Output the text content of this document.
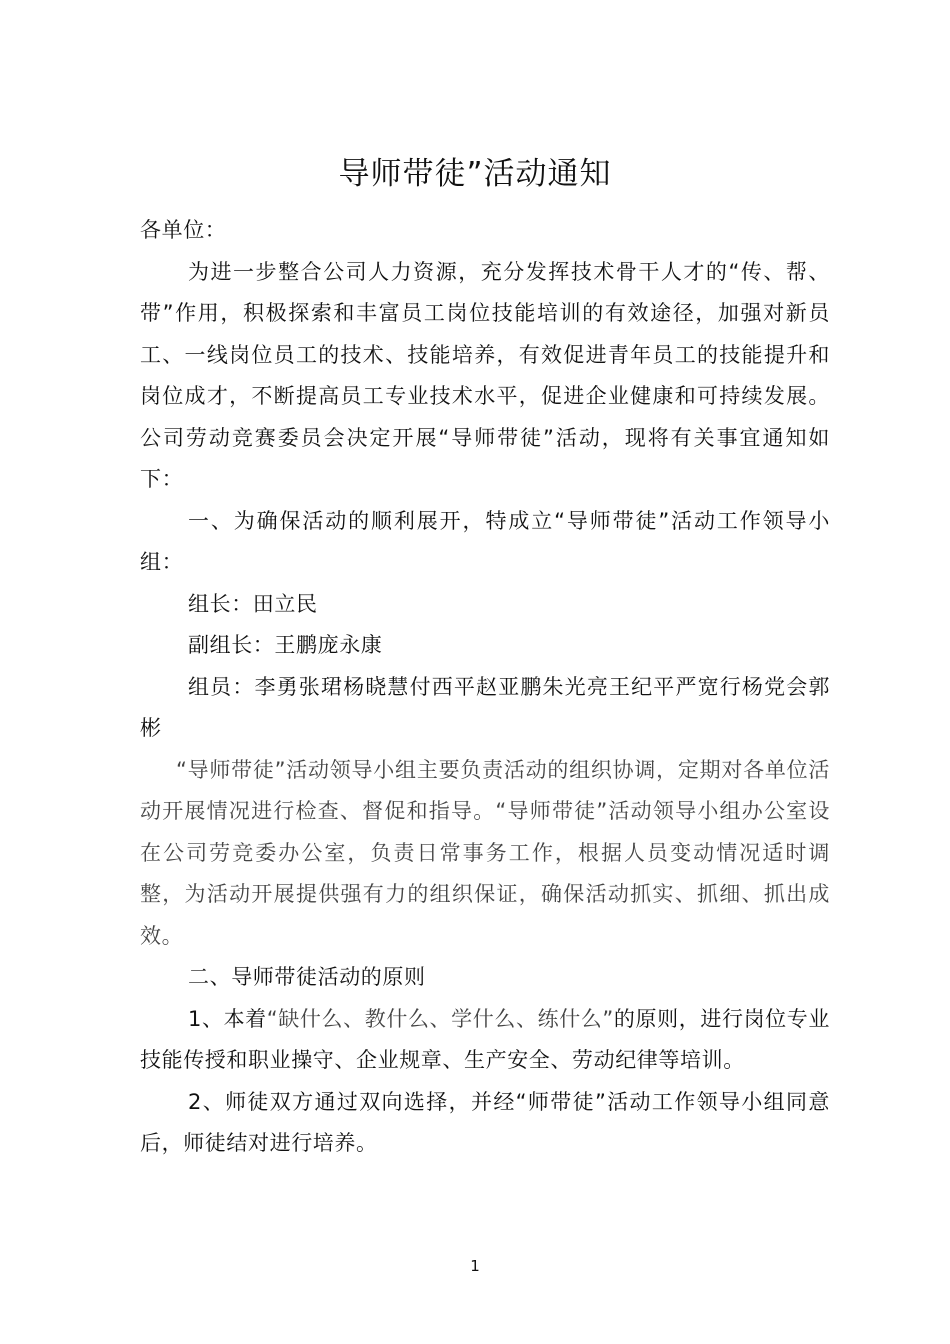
导师带徒”活动通知

各单位：

为进一步整合公司人力资源，充分发挥技术骨干人才的“传、帮、带”作用，积极探索和丰富员工岗位技能培训的有效途径，加强对新员工、一线岗位员工的技术、技能培养，有效促进青年员工的技能提升和岗位成才，不断提高员工专业技术水平，促进企业健康和可持续发展。公司劳动竞赛委员会决定开展“导师带徒”活动，现将有关事宜通知如下：

一、为确保活动的顺利展开，特成立“导师带徒”活动工作领导小组：

组长：田立民

副组长：王鹏庞永康

组员：李勇张珺杨晓慧付西平赵亚鹏朱光亮王纪平严宽行杨党会郭彬

“导师带徒”活动领导小组主要负责活动的组织协调，定期对各单位活动开展情况进行检查、督促和指导。“导师带徒”活动领导小组办公室设在公司劳竞委办公室，负责日常事务工作，根据人员变动情况适时调整，为活动开展提供强有力的组织保证，确保活动抓实、抓细、抓出成效。

二、导师带徒活动的原则

1、本着“缺什么、教什么、学什么、练什么”的原则，进行岗位专业技能传授和职业操守、企业规章、生产安全、劳动纪律等培训。

2、师徒双方通过双向选择，并经“师带徒”活动工作领导小组同意后，师徒结对进行培养。

1
